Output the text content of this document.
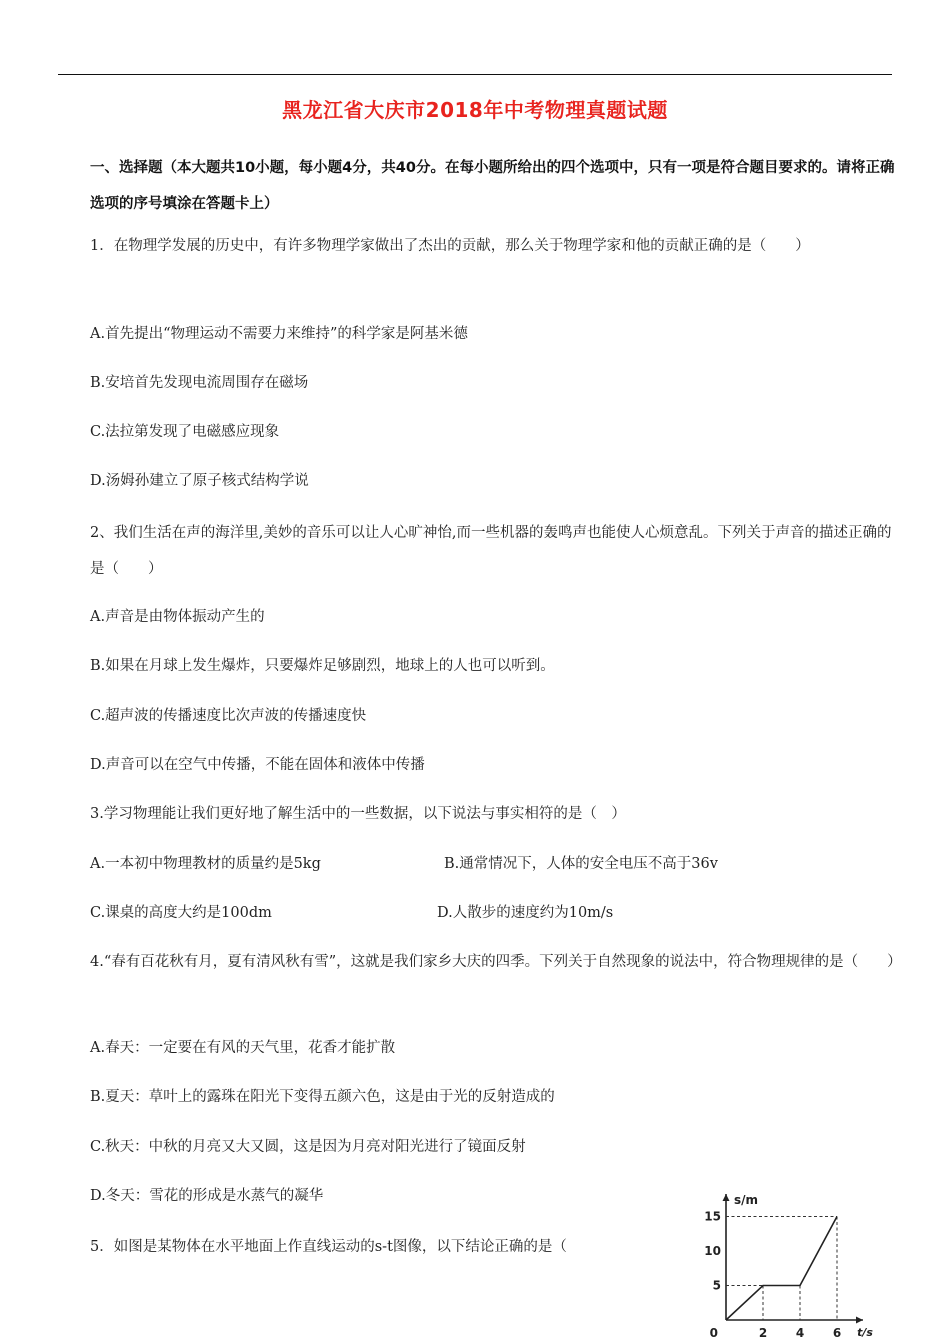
黑龙江省大庆市2018年中考物理真题试题
一、选择题（本大题共10小题，每小题4分，共40分。在每小题所给出的四个选项中，只有一项是符合题目要求的。请将正确选项的序号填涂在答题卡上）
1．在物理学发展的历史中，有许多物理学家做出了杰出的贡献，那么关于物理学家和他的贡献正确的是（　　）
A.首先提出“物理运动不需要力来维持”的科学家是阿基米德
B.安培首先发现电流周围存在磁场
C.法拉第发现了电磁感应现象
D.汤姆孙建立了原子核式结构学说
2、我们生活在声的海洋里,美妙的音乐可以让人心旷神怡,而一些机器的轰鸣声也能使人心烦意乱。下列关于声音的描述正确的是（　　）
A.声音是由物体振动产生的
B.如果在月球上发生爆炸，只要爆炸足够剧烈，地球上的人也可以听到。
C.超声波的传播速度比次声波的传播速度快
D.声音可以在空气中传播，不能在固体和液体中传播
3.学习物理能让我们更好地了解生活中的一些数据，以下说法与事实相符的是（　）
A.一本初中物理教材的质量约是5kg	B.通常情况下，人体的安全电压不高于36v
C.课桌的高度大约是100dm	D.人散步的速度约为10m/s
4.“春有百花秋有月，夏有清风秋有雪”，这就是我们家乡大庆的四季。下列关于自然现象的说法中，符合物理规律的是（　　）
A.春天：一定要在有风的天气里，花香才能扩散
B.夏天：草叶上的露珠在阳光下变得五颜六色，这是由于光的反射造成的
C.秋天：中秋的月亮又大又圆，这是因为月亮对阳光进行了镜面反射
D.冬天：雪花的形成是水蒸气的凝华
5．如图是某物体在水平地面上作直线运动的s-t图像，以下结论正确的是（
2 4 6
5
10
15
0	t/s
s/m
